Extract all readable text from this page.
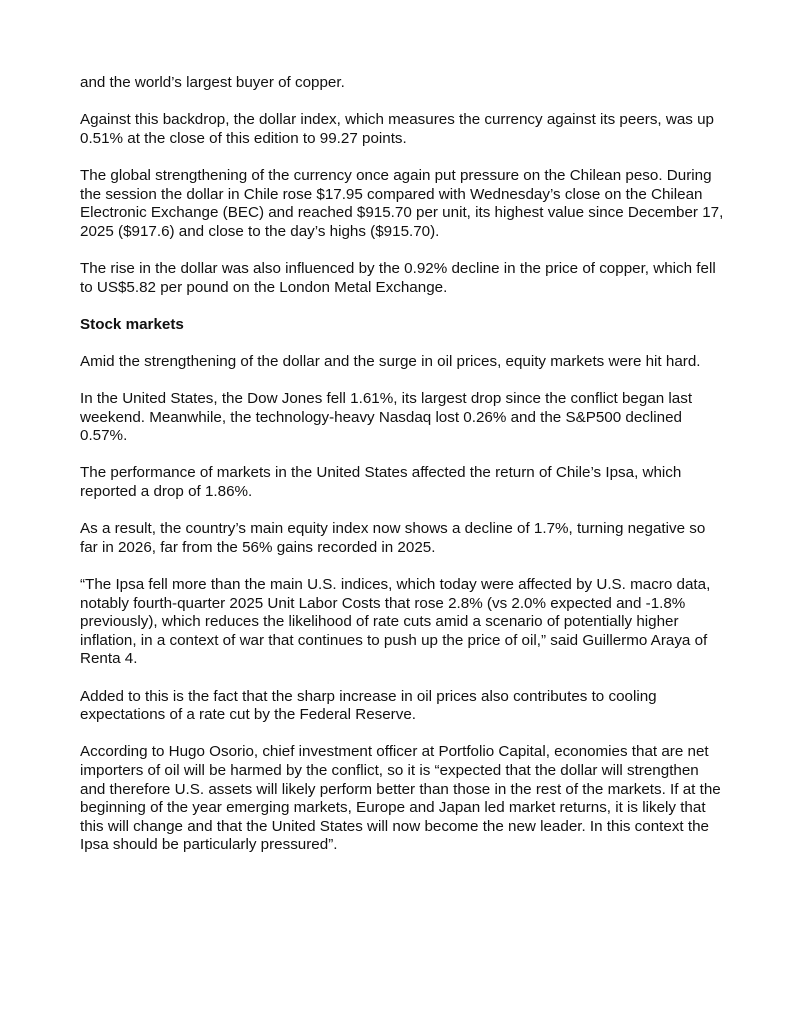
and the world’s largest buyer of copper.

Against this backdrop, the dollar index, which measures the currency against its peers, was up 0.51% at the close of this edition to 99.27 points.

The global strengthening of the currency once again put pressure on the Chilean peso. During the session the dollar in Chile rose $17.95 compared with Wednesday’s close on the Chilean Electronic Exchange (BEC) and reached $915.70 per unit, its highest value since December 17, 2025 ($917.6) and close to the day’s highs ($915.70).

The rise in the dollar was also influenced by the 0.92% decline in the price of copper, which fell to US$5.82 per pound on the London Metal Exchange.

Stock markets

Amid the strengthening of the dollar and the surge in oil prices, equity markets were hit hard.

In the United States, the Dow Jones fell 1.61%, its largest drop since the conflict began last weekend. Meanwhile, the technology-heavy Nasdaq lost 0.26% and the S&P500 declined 0.57%.

The performance of markets in the United States affected the return of Chile’s Ipsa, which reported a drop of 1.86%.

As a result, the country’s main equity index now shows a decline of 1.7%, turning negative so far in 2026, far from the 56% gains recorded in 2025.

“The Ipsa fell more than the main U.S. indices, which today were affected by U.S. macro data, notably fourth-quarter 2025 Unit Labor Costs that rose 2.8% (vs 2.0% expected and -1.8% previously), which reduces the likelihood of rate cuts amid a scenario of potentially higher inflation, in a context of war that continues to push up the price of oil,” said Guillermo Araya of Renta 4.

Added to this is the fact that the sharp increase in oil prices also contributes to cooling expectations of a rate cut by the Federal Reserve.

According to Hugo Osorio, chief investment officer at Portfolio Capital, economies that are net importers of oil will be harmed by the conflict, so it is “expected that the dollar will strengthen and therefore U.S. assets will likely perform better than those in the rest of the markets. If at the beginning of the year emerging markets, Europe and Japan led market returns, it is likely that this will change and that the United States will now become the new leader. In this context the Ipsa should be particularly pressured”.
